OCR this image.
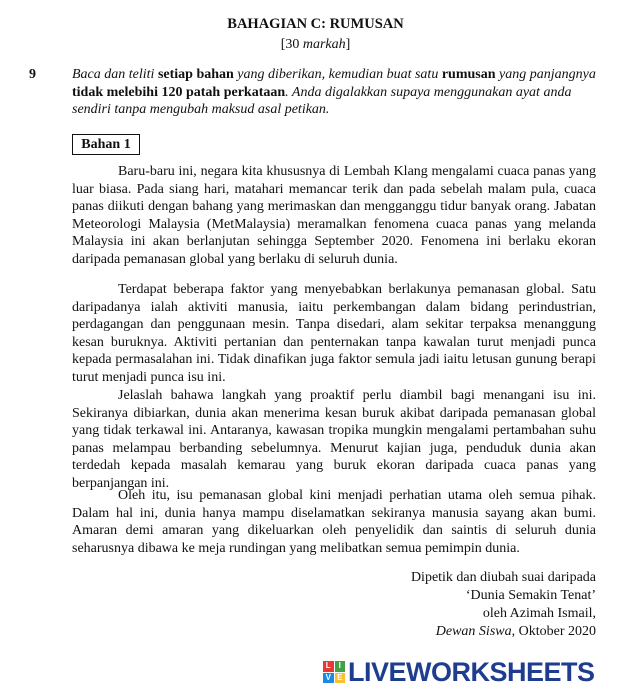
BAHAGIAN C: RUMUSAN
[30 markah]
9	Baca dan teliti setiap bahan yang diberikan, kemudian buat satu rumusan yang panjangnya tidak melebihi 120 patah perkataan. Anda digalakkan supaya menggunakan ayat anda sendiri tanpa mengubah maksud asal petikan.
Bahan 1

Baru-baru ini, negara kita khususnya di Lembah Klang mengalami cuaca panas yang luar biasa. Pada siang hari, matahari memancar terik dan pada sebelah malam pula, cuaca panas diikuti dengan bahang yang merimaskan dan mengganggu tidur banyak orang. Jabatan Meteorologi Malaysia (MetMalaysia) meramalkan fenomena cuaca panas yang melanda Malaysia ini akan berlanjutan sehingga September 2020. Fenomena ini berlaku ekoran daripada pemanasan global yang berlaku di seluruh dunia.

Terdapat beberapa faktor yang menyebabkan berlakunya pemanasan global. Satu daripadanya ialah aktiviti manusia, iaitu perkembangan dalam bidang perindustrian, perdagangan dan penggunaan mesin. Tanpa disedari, alam sekitar terpaksa menanggung kesan buruknya. Aktiviti pertanian dan penternakan tanpa kawalan turut menjadi punca kepada permasalahan ini. Tidak dinafikan juga faktor semula jadi iaitu letusan gunung berapi turut menjadi punca isu ini.

Jelaslah bahawa langkah yang proaktif perlu diambil bagi menangani isu ini. Sekiranya dibiarkan, dunia akan menerima kesan buruk akibat daripada pemanasan global yang tidak terkawal ini. Antaranya, kawasan tropika mungkin mengalami pertambahan suhu panas melampau berbanding sebelumnya. Menurut kajian juga, penduduk dunia akan terdedah kepada masalah kemarau yang buruk ekoran daripada cuaca panas yang berpanjangan ini.

Oleh itu, isu pemanasan global kini menjadi perhatian utama oleh semua pihak. Dalam hal ini, dunia hanya mampu diselamatkan sekiranya manusia sayang akan bumi. Amaran demi amaran yang dikeluarkan oleh penyelidik dan saintis di seluruh dunia seharusnya dibawa ke meja rundingan yang melibatkan semua pemimpin dunia.

Dipetik dan diubah suai daripada
‘Dunia Semakin Tenat’
oleh Azimah Ismail,
Dewan Siswa, Oktober 2020
L I
V E LIVEWORKSHEETS
